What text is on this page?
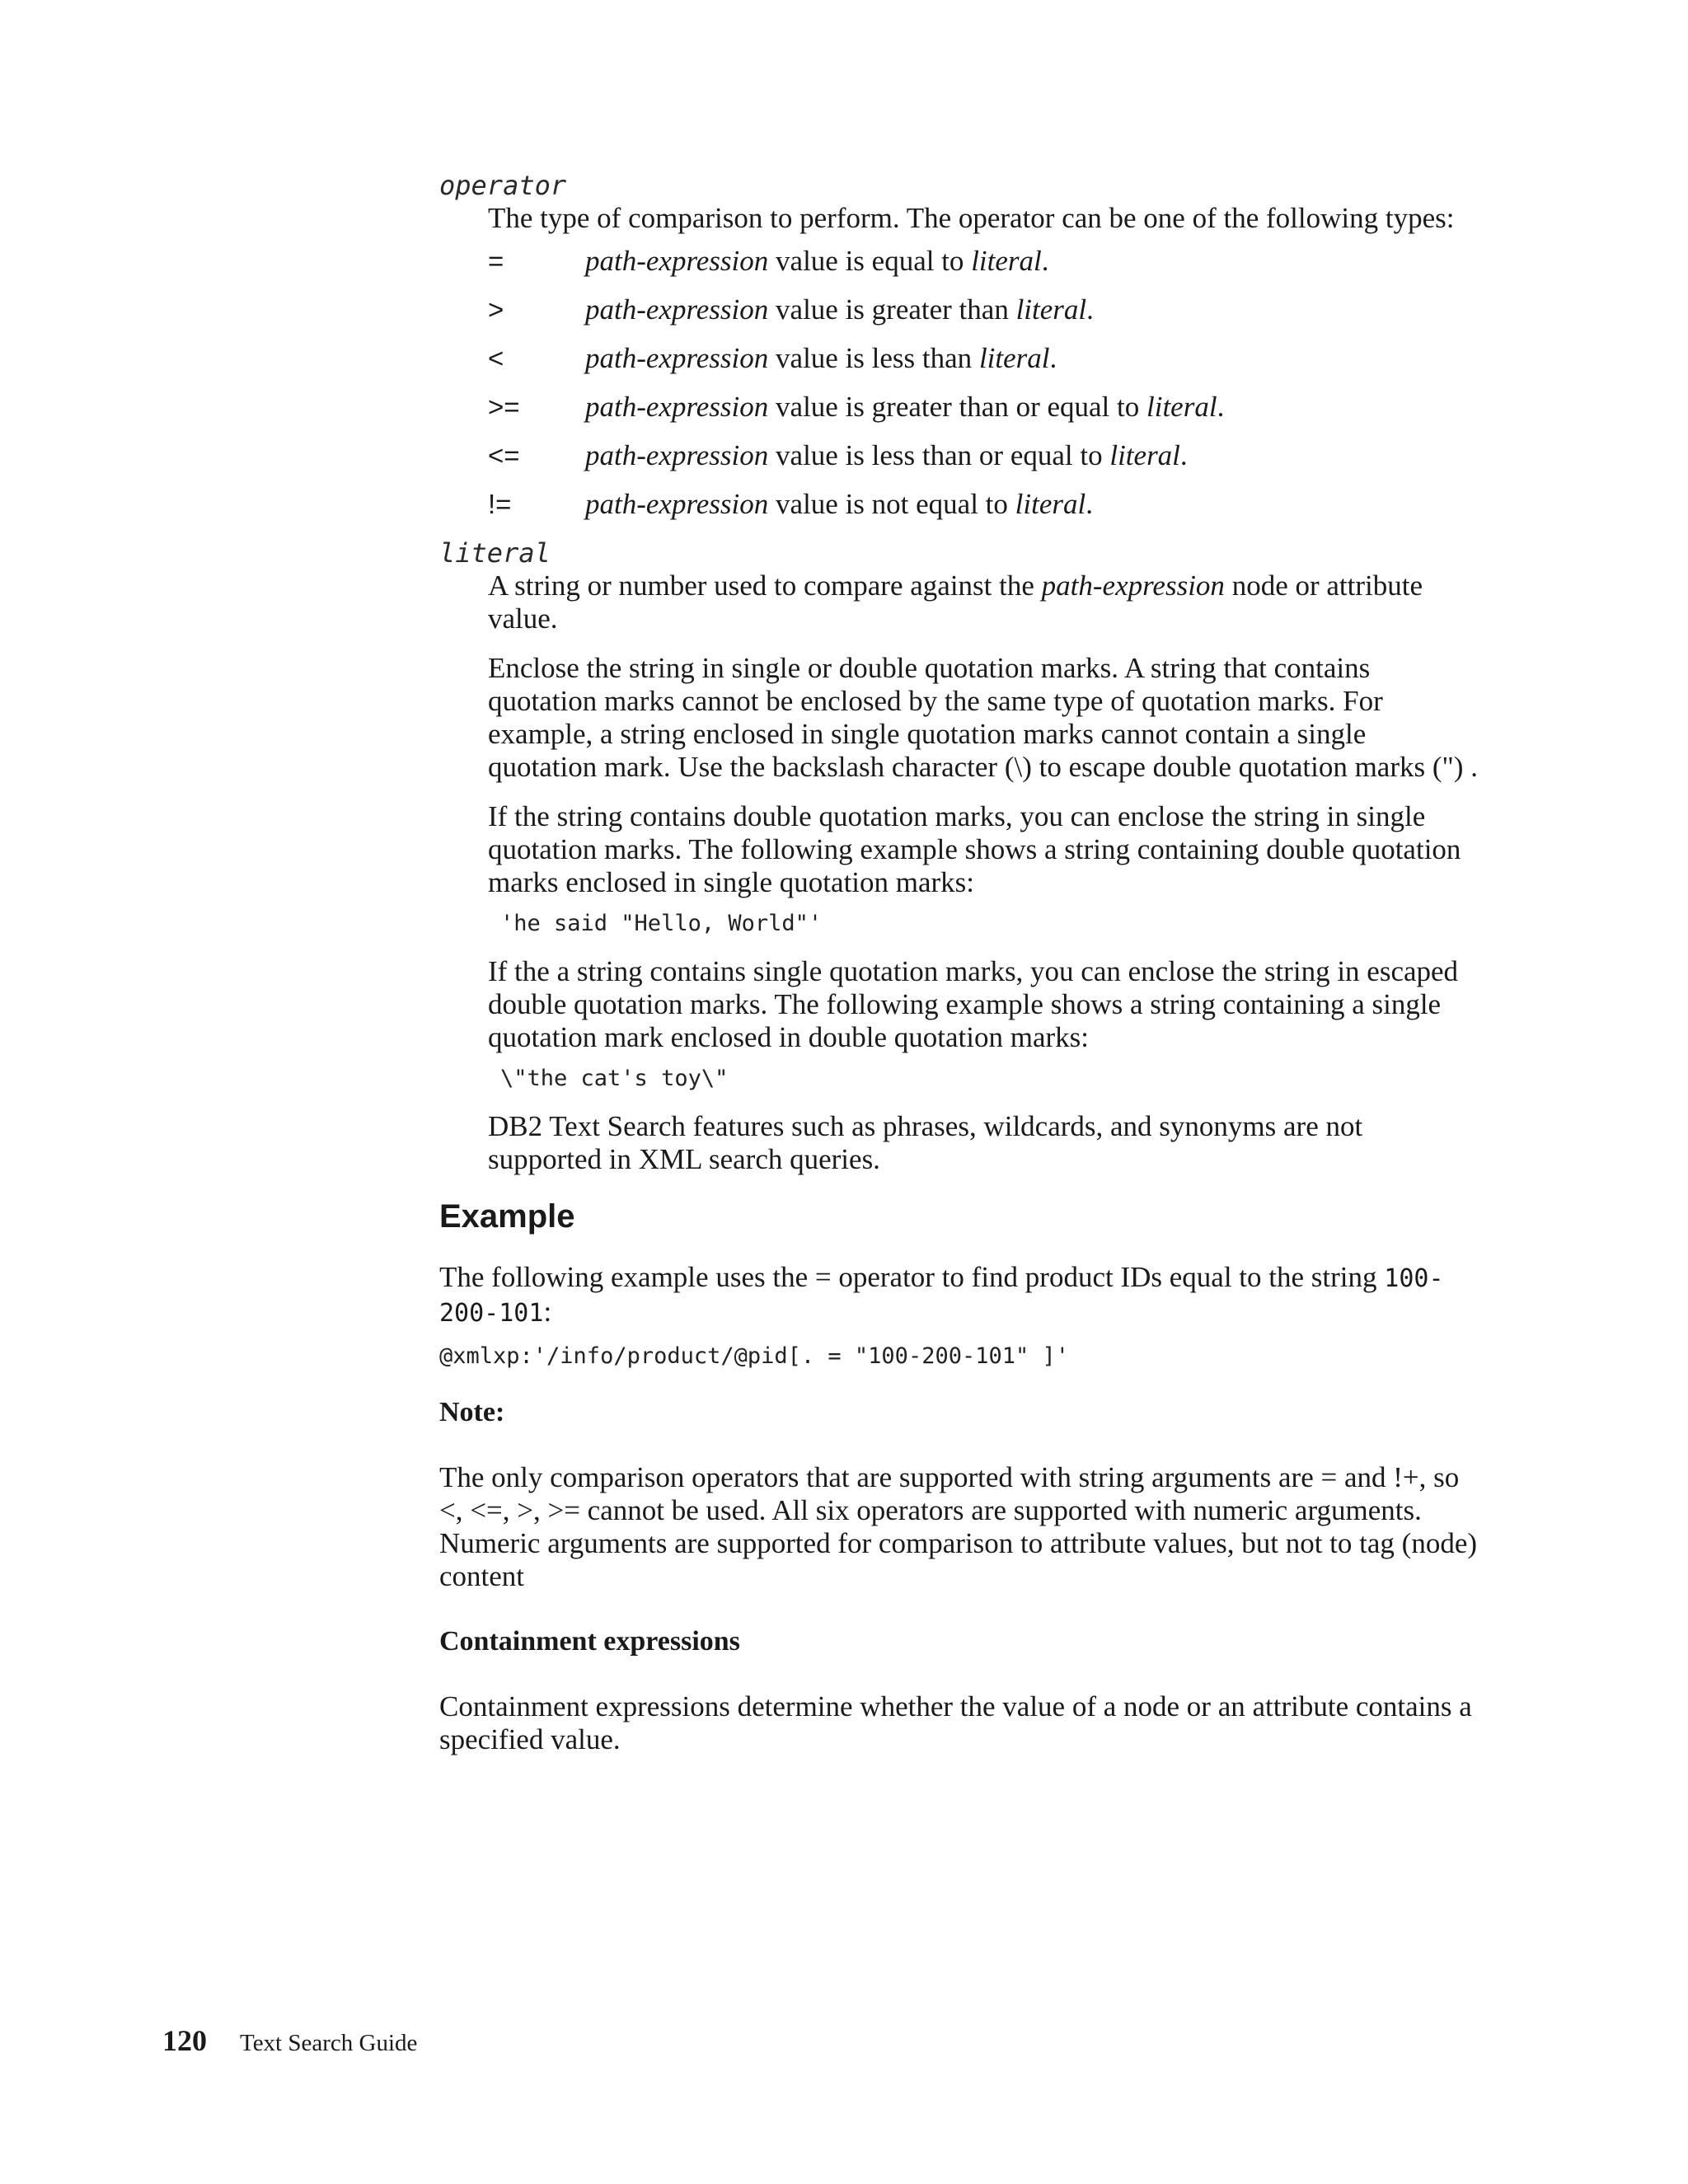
operator

The type of comparison to perform. The operator can be one of the following types:

=	path-expression value is equal to literal.
>	path-expression value is greater than literal.
<	path-expression value is less than literal.
>=	path-expression value is greater than or equal to literal.
<=	path-expression value is less than or equal to literal.
!=	path-expression value is not equal to literal.
literal

A string or number used to compare against the path-expression node or attribute value.

Enclose the string in single or double quotation marks. A string that contains quotation marks cannot be enclosed by the same type of quotation marks. For example, a string enclosed in single quotation marks cannot contain a single quotation mark. Use the backslash character (\) to escape double quotation marks (") .

If the string contains double quotation marks, you can enclose the string in single quotation marks. The following example shows a string containing double quotation marks enclosed in single quotation marks:

'he said "Hello, World"'

If the a string contains single quotation marks, you can enclose the string in escaped double quotation marks. The following example shows a string containing a single quotation mark enclosed in double quotation marks:

\"the cat's toy\"

DB2 Text Search features such as phrases, wildcards, and synonyms are not supported in XML search queries.

Example

The following example uses the = operator to find product IDs equal to the string 100-200-101:

@xmlxp:'/info/product/@pid[. = "100-200-101" ]'
Note:

The only comparison operators that are supported with string arguments are = and !+, so <, <=, >, >= cannot be used. All six operators are supported with numeric arguments. Numeric arguments are supported for comparison to attribute values, but not to tag (node) content

Containment expressions

Containment expressions determine whether the value of a node or an attribute contains a specified value.

120 Text Search Guide
